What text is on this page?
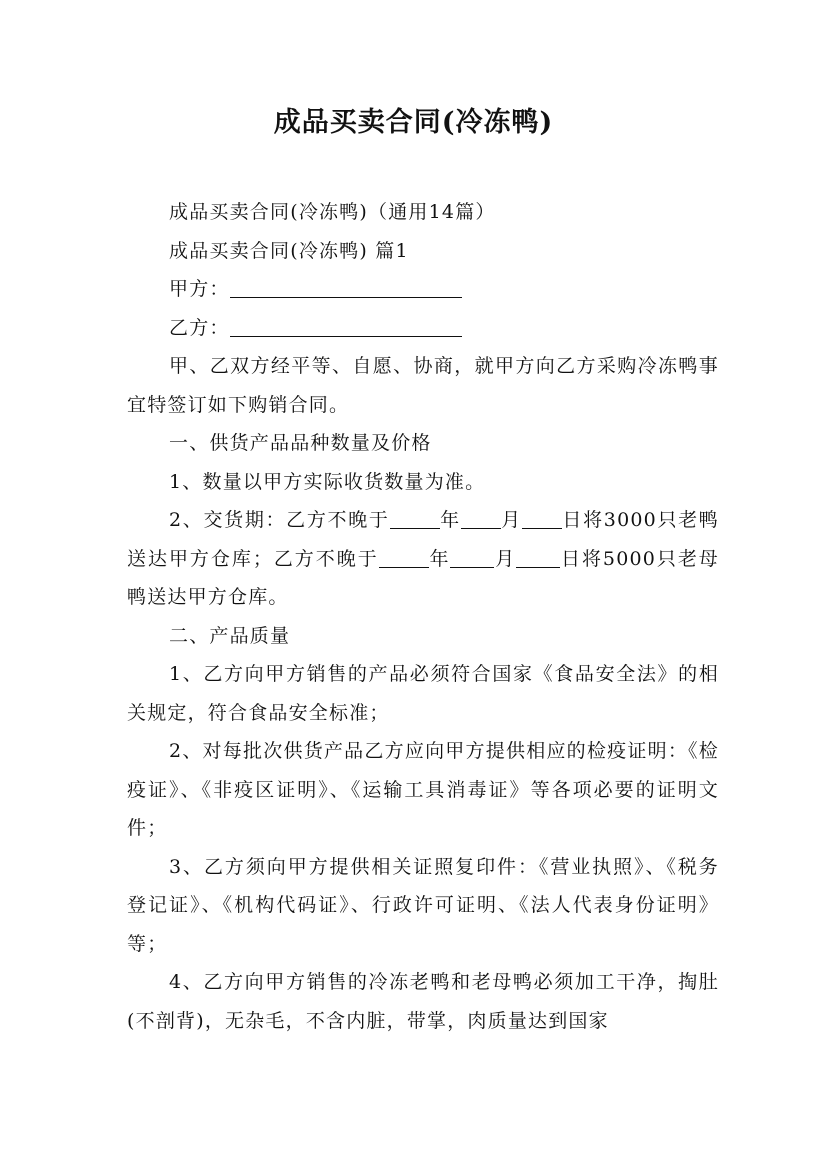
成品买卖合同(冷冻鸭)

成品买卖合同(冷冻鸭)（通用14篇）

成品买卖合同(冷冻鸭) 篇1

甲方：

乙方：

甲、乙双方经平等、自愿、协商，就甲方向乙方采购冷冻鸭事宜特签订如下购销合同。

一、供货产品品种数量及价格

1、数量以甲方实际收货数量为准。

2、交货期：乙方不晚于	年 月 日将3000只老鸭送达甲方仓库；乙方不晚于	年 月 日将5000只老母鸭送达甲方仓库。

二、产品质量

1、乙方向甲方销售的产品必须符合国家《食品安全法》的相关规定，符合食品安全标准；

2、对每批次供货产品乙方应向甲方提供相应的检疫证明：《检疫证》、《非疫区证明》、《运输工具消毒证》等各项必要的证明文件；

3、乙方须向甲方提供相关证照复印件：《营业执照》、《税务登记证》、《机构代码证》、行政许可证明、《法人代表身份证明》等；

4、乙方向甲方销售的冷冻老鸭和老母鸭必须加工干净，掏肚(不剖背)，无杂毛，不含内脏，带掌，肉质量达到国家
